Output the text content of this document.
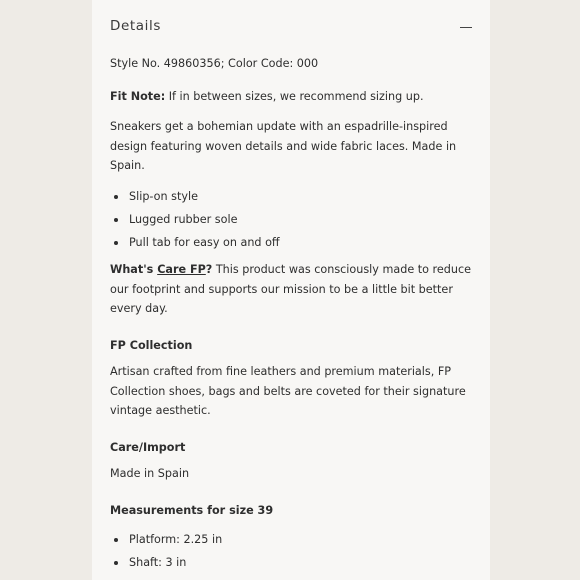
Details

Style No. 49860356; Color Code: 000

Fit Note: If in between sizes, we recommend sizing up.

Sneakers get a bohemian update with an espadrille-inspired design featuring woven details and wide fabric laces. Made in Spain.

Slip-on style
Lugged rubber sole
Pull tab for easy on and off

What's Care FP? This product was consciously made to reduce our footprint and supports our mission to be a little bit better every day.

FP Collection

Artisan crafted from fine leathers and premium materials, FP Collection shoes, bags and belts are coveted for their signature vintage aesthetic.

Care/Import

Made in Spain

Measurements for size 39

Platform: 2.25 in
Shaft: 3 in
